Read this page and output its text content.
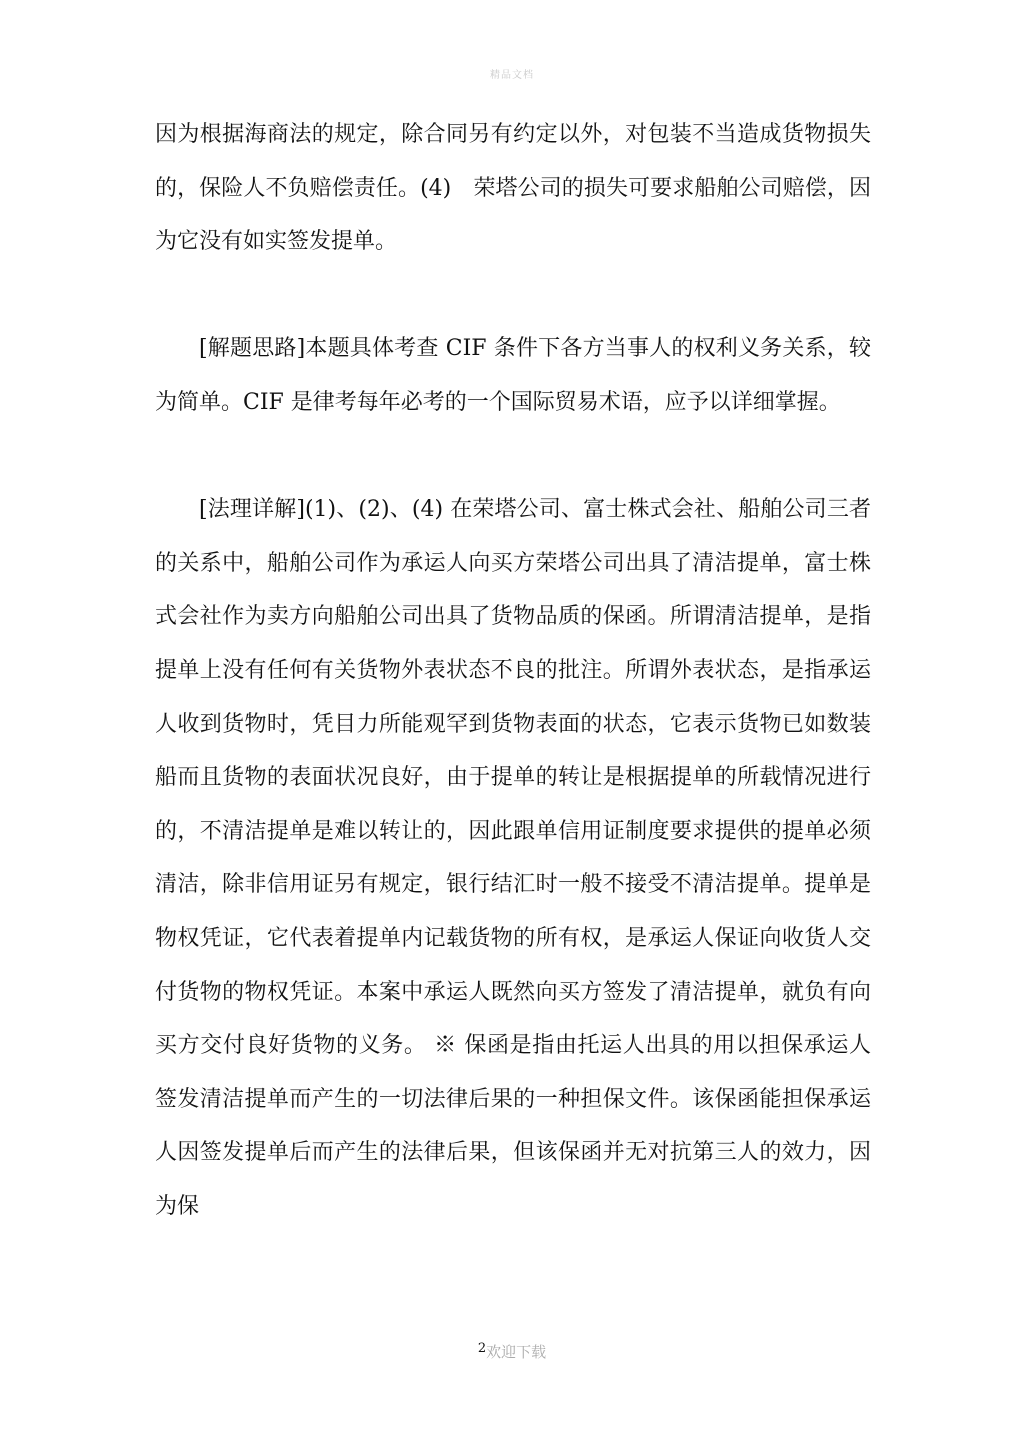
精品文档

因为根据海商法的规定，除合同另有约定以外，对包装不当造成货物损失的，保险人不负赔偿责任。(4)　荣塔公司的损失可要求船舶公司赔偿，因为它没有如实签发提单。

[解题思路]本题具体考查 CIF 条件下各方当事人的权利义务关系，较为简单。CIF 是律考每年必考的一个国际贸易术语，应予以详细掌握。

[法理详解](1)、(2)、(4) 在荣塔公司、富士株式会社、船舶公司三者的关系中，船舶公司作为承运人向买方荣塔公司出具了清洁提单，富士株式会社作为卖方向船舶公司出具了货物品质的保函。所谓清洁提单，是指提单上没有任何有关货物外表状态不良的批注。所谓外表状态，是指承运人收到货物时，凭目力所能观罕到货物表面的状态，它表示货物已如数装船而且货物的表面状况良好，由于提单的转让是根据提单的所载情况进行的，不清洁提单是难以转让的，因此跟单信用证制度要求提供的提单必须清洁，除非信用证另有规定，银行结汇时一般不接受不清洁提单。提单是物权凭证，它代表着提单内记载货物的所有权，是承运人保证向收货人交付货物的物权凭证。本案中承运人既然向买方签发了清洁提单，就负有向买方交付良好货物的义务。 ※ 保函是指由托运人出具的用以担保承运人签发清洁提单而产生的一切法律后果的一种担保文件。该保函能担保承运人因签发提单后而产生的法律后果，但该保函并无对抗第三人的效力，因为保

2欢迎下载
